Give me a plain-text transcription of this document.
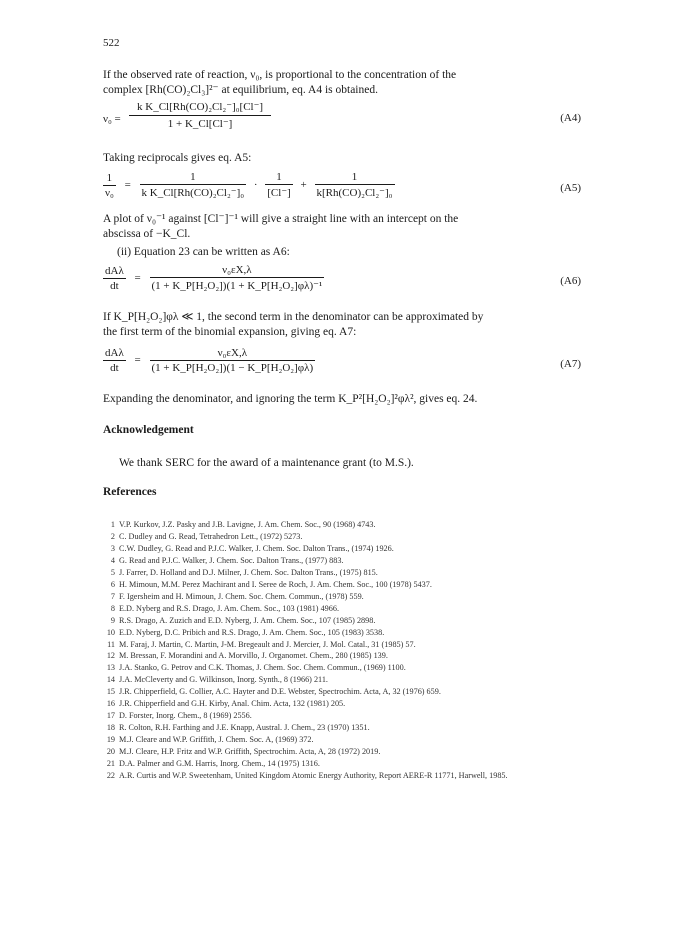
522

If the observed rate of reaction, ν₀, is proportional to the concentration of the
complex [Rh(CO)₂Cl₃]²⁻ at equilibrium, eq. A4 is obtained.

$\nu_0 = \frac{\text{k K\_Cl[Rh(CO)₂Cl₂⁻]₀[Cl⁻]}}{1 + K\_Cl[Cl^-]}$	(A4)

Taking reciprocals gives eq. A5:

$\frac{1}{\text{ν₀}} = \frac{1}{\text{k K\_Cl[Rh(CO)₂Cl₂⁻]₀}} \cdot \frac{1}{[Cl^-]} + \frac{1}{\text{k[Rh(CO)₂Cl₂⁻]₀}}$	(A5)

A plot of ν₀⁻¹ against [Cl⁻]⁻¹ will give a straight line with an intercept on the
abscissa of −K_Cl.

(ii) Equation 23 can be written as A6:

$\frac{\text{dAλ}}{dt} = \frac{\text{ν₀εX,λ}}{\text{(1 + K\_P[H₂O₂])(1 + K\_P[H₂O₂]φλ)⁻¹}}$	(A6)

If K_P[H₂O₂]φλ ≪ 1, the second term in the denominator can be approximated by
the first term of the binomial expansion, giving eq. A7:

$\frac{\text{dAλ}}{dt} = \frac{\text{ν₀εX,λ}}{\text{(1 + K\_P[H₂O₂])(1 − K\_P[H₂O₂]φλ)}}$	(A7)

Expanding the denominator, and ignoring the term K_P²[H₂O₂]²φλ², gives eq. 24.

Acknowledgement

We thank SERC for the award of a maintenance grant (to M.S.).

References
1 V.P. Kurkov, J.Z. Pasky and J.B. Lavigne, J. Am. Chem. Soc., 90 (1968) 4743.
2 C. Dudley and G. Read, Tetrahedron Lett., (1972) 5273.
3 C.W. Dudley, G. Read and P.J.C. Walker, J. Chem. Soc. Dalton Trans., (1974) 1926.
4 G. Read and P.J.C. Walker, J. Chem. Soc. Dalton Trans., (1977) 883.
5 J. Farrer, D. Holland and D.J. Milner, J. Chem. Soc. Dalton Trans., (1975) 815.
6 H. Mimoun, M.M. Perez Machirant and I. Seree de Roch, J. Am. Chem. Soc., 100 (1978) 5437.
7 F. Igersheim and H. Mimoun, J. Chem. Soc. Chem. Commun., (1978) 559.
8 E.D. Nyberg and R.S. Drago, J. Am. Chem. Soc., 103 (1981) 4966.
9 R.S. Drago, A. Zuzich and E.D. Nyberg, J. Am. Chem. Soc., 107 (1985) 2898.
10 E.D. Nyberg, D.C. Pribich and R.S. Drago, J. Am. Chem. Soc., 105 (1983) 3538.
11 M. Faraj, J. Martin, C. Martin, J-M. Bregeault and J. Mercier, J. Mol. Catal., 31 (1985) 57.
12 M. Bressan, F. Morandini and A. Morvillo, J. Organomet. Chem., 280 (1985) 139.
13 J.A. Stanko, G. Petrov and C.K. Thomas, J. Chem. Soc. Chem. Commun., (1969) 1100.
14 J.A. McCleverty and G. Wilkinson, Inorg. Synth., 8 (1966) 211.
15 J.R. Chipperfield, G. Collier, A.C. Hayter and D.E. Webster, Spectrochim. Acta, A, 32 (1976) 659.
16 J.R. Chipperfield and G.H. Kirby, Anal. Chim. Acta, 132 (1981) 205.
17 D. Forster, Inorg. Chem., 8 (1969) 2556.
18 R. Colton, R.H. Farthing and J.E. Knapp, Austral. J. Chem., 23 (1970) 1351.
19 M.J. Cleare and W.P. Griffith, J. Chem. Soc. A, (1969) 372.
20 M.J. Cleare, H.P. Fritz and W.P. Griffith, Spectrochim. Acta, A, 28 (1972) 2019.
21 D.A. Palmer and G.M. Harris, Inorg. Chem., 14 (1975) 1316.
22 A.R. Curtis and W.P. Sweetenham, United Kingdom Atomic Energy Authority, Report AERE-R 11771, Harwell, 1985.
